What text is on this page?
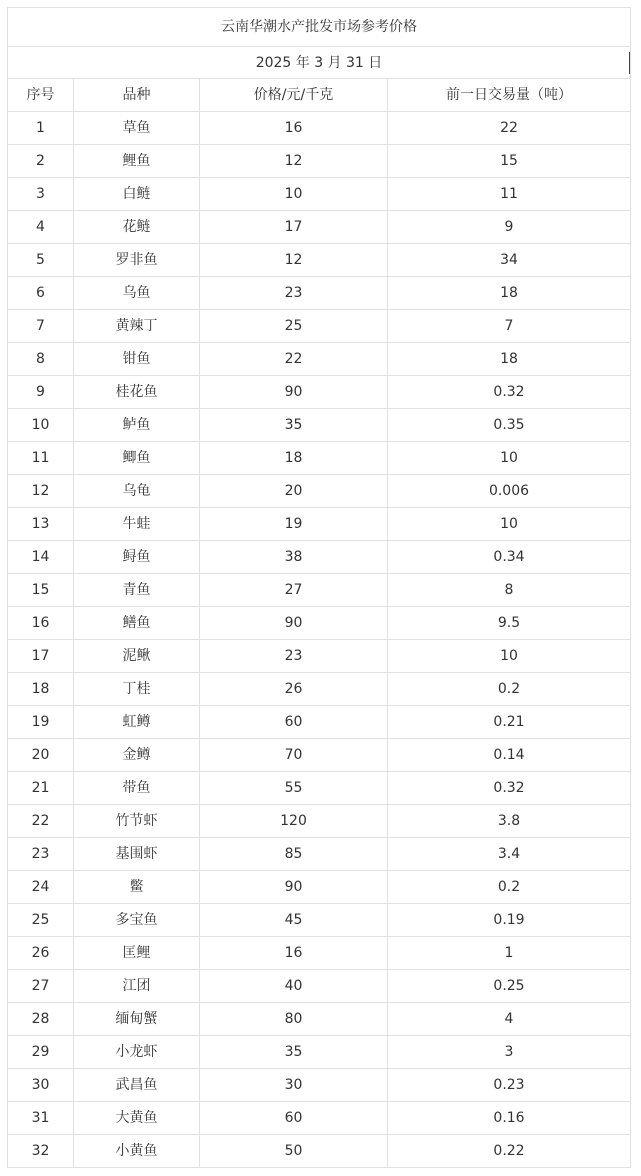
云南华潮水产批发市场参考价格			
2025 年 3 月 31 日			

序号	品种	价格/元/千克	前一日交易量（吨）
1	草鱼	16	22
2	鲤鱼	12	15
3	白鲢	10	11
4	花鲢	17	9
5	罗非鱼	12	34
6	乌鱼	23	18
7	黄辣丁	25	7
8	钳鱼	22	18
9	桂花鱼	90	0.32
10	鲈鱼	35	0.35
11	鲫鱼	18	10
12	乌龟	20	0.006
13	牛蛙	19	10
14	鲟鱼	38	0.34
15	青鱼	27	8
16	鳝鱼	90	9.5
17	泥鳅	23	10
18	丁桂	26	0.2
19	虹鳟	60	0.21
20	金鳟	70	0.14
21	带鱼	55	0.32
22	竹节虾	120	3.8
23	基围虾	85	3.4
24	鳖	90	0.2
25	多宝鱼	45	0.19
26	匡鲤	16	1
27	江团	40	0.25
28	缅甸蟹	80	4
29	小龙虾	35	3
30	武昌鱼	30	0.23
31	大黄鱼	60	0.16
32	小黄鱼	50	0.22
